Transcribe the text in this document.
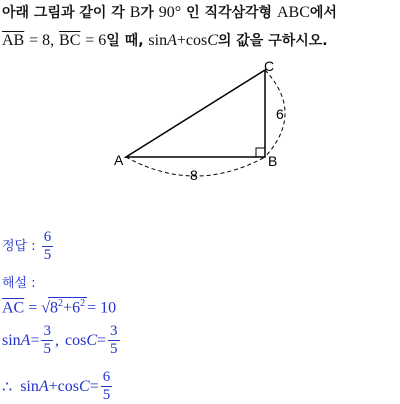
아래 그림과 같이 각 B가 90° 인 직각삼각형 ABC에서
$\overline{AB} = 8$, $\overline{BC} = 6$일 때, sinA+cosC의 값을 구하시오.
A	B
C
8
6
정답 : $\frac{6}{5}$
해설 :
$\overline{AC} = √8^2+6^2 = 10$
$\sin A = \frac{3}{5}$ , $\cos C = \frac{3}{5}$
∴ $\sin A + \cos C = \frac{6}{5}$
